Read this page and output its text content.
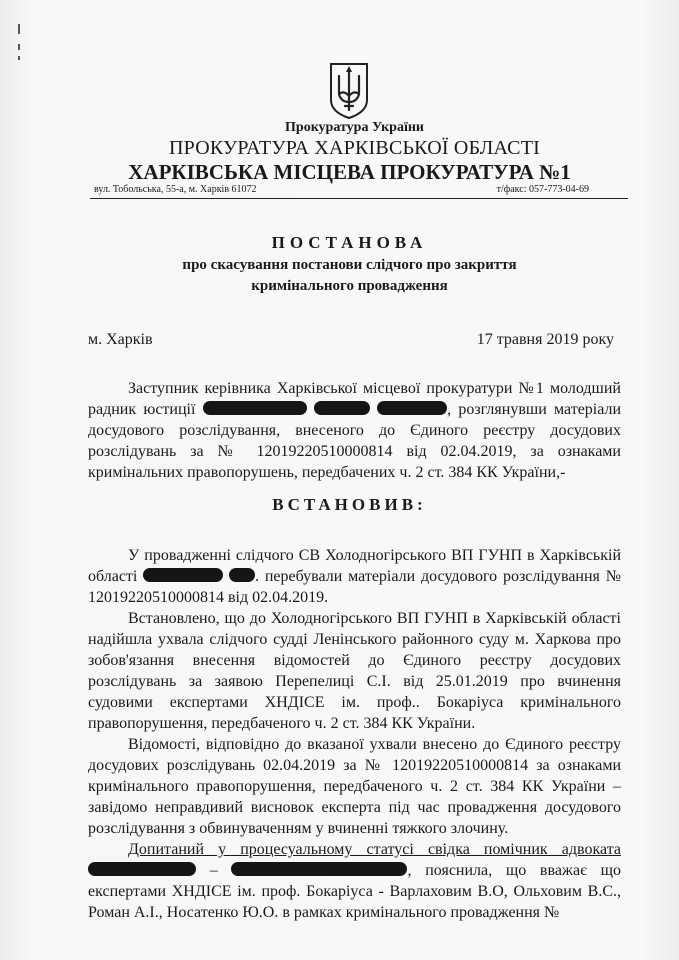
Прокуратура України
ПРОКУРАТУРА ХАРКІВСЬКОЇ ОБЛАСТІ
ХАРКІВСЬКА МІСЦЕВА ПРОКУРАТУРА №1
вул. Тобольська, 55-а, м. Харків 61072	т/факс: 057-773-04-69
ПОСТАНОВА
про скасування постанови слідчого про закриття
кримінального провадження
м. Харків	17 травня 2019 року

Заступник керівника Харківської місцевої прокуратури №1 молодший радник юстиції	, розглянувши матеріали досудового розслідування, внесеного до Єдиного реєстру досудових розслідувань за № 12019220510000814 від 02.04.2019, за ознаками кримінальних правопорушень, передбачених ч. 2 ст. 384 КК України,-

ВСТАНОВИВ:

У провадженні слідчого СВ Холодногірського ВП ГУНП в Харківській області	. перебували матеріали досудового розслідування № 12019220510000814 від 02.04.2019.

Встановлено, що до Холодногірського ВП ГУНП в Харківській області надійшла ухвала слідчого судді Ленінського районного суду м. Харкова про зобов'язання внесення відомостей до Єдиного реєстру досудових розслідувань за заявою Перепелиці С.І. від 25.01.2019 про вчинення судовими експертами ХНДІСЕ ім. проф.. Бокаріуса кримінального правопорушення, передбаченого ч. 2 ст. 384 КК України.

Відомості, відповідно до вказаної ухвали внесено до Єдиного реєстру досудових розслідувань 02.04.2019 за № 12019220510000814 за ознаками кримінального правопорушення, передбаченого ч. 2 ст. 384 КК України – завідомо неправдивий висновок експерта під час провадження досудового розслідування з обвинуваченням у вчиненні тяжкого злочину.

Допитаний у процесуальному статусі свідка помічник адвоката  –	, пояснила, що вважає що експертами ХНДІСЕ ім. проф. Бокаріуса - Варлаховим В.О, Ольховим В.С., Роман А.І., Носатенко Ю.О. в рамках кримінального провадження №
